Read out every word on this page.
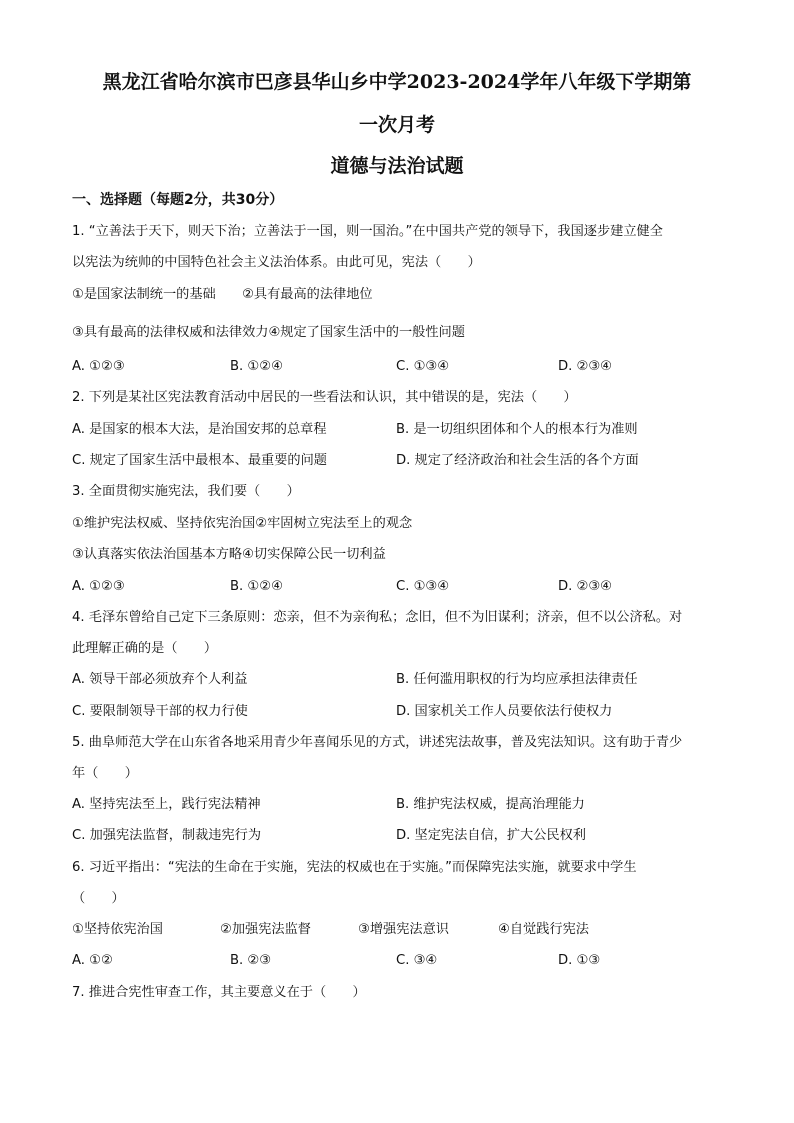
黑龙江省哈尔滨市巴彦县华山乡中学2023-2024学年八年级下学期第
一次月考
道德与法治试题
一、选择题（每题2分，共30分）
1. “立善法于天下，则天下治；立善法于一国，则一国治。”在中国共产党的领导下，我国逐步建立健全
以宪法为统帅的中国特色社会主义法治体系。由此可见，宪法（　　）
①是国家法制统一的基础　　②具有最高的法律地位
③具有最高的法律权威和法律效力④规定了国家生活中的一般性问题
A. ①②③	B. ①②④	C. ①③④	D. ②③④
2. 下列是某社区宪法教育活动中居民的一些看法和认识，其中错误的是，宪法（　　）
A. 是国家的根本大法，是治国安邦的总章程	B. 是一切组织团体和个人的根本行为准则
C. 规定了国家生活中最根本、最重要的问题	D. 规定了经济政治和社会生活的各个方面
3. 全面贯彻实施宪法，我们要（　　）
①维护宪法权威、坚持依宪治国②牢固树立宪法至上的观念
③认真落实依法治国基本方略④切实保障公民一切利益
A. ①②③	B. ①②④	C. ①③④	D. ②③④
4. 毛泽东曾给自己定下三条原则：恋亲，但不为亲徇私；念旧，但不为旧谋利；济亲，但不以公济私。对
此理解正确的是（　　）
A. 领导干部必须放弃个人利益	B. 任何滥用职权的行为均应承担法律责任
C. 要限制领导干部的权力行使	D. 国家机关工作人员要依法行使权力
5. 曲阜师范大学在山东省各地采用青少年喜闻乐见的方式，讲述宪法故事，普及宪法知识。这有助于青少
年（　　）
A. 坚持宪法至上，践行宪法精神	B. 维护宪法权威，提高治理能力
C. 加强宪法监督，制裁违宪行为	D. 坚定宪法自信，扩大公民权利
6. 习近平指出：“宪法的生命在于实施，宪法的权威也在于实施。”而保障宪法实施，就要求中学生
（　　）
①坚持依宪治国	②加强宪法监督	③增强宪法意识	④自觉践行宪法
A. ①②	B. ②③	C. ③④	D. ①③
7. 推进合宪性审查工作，其主要意义在于（　　）
